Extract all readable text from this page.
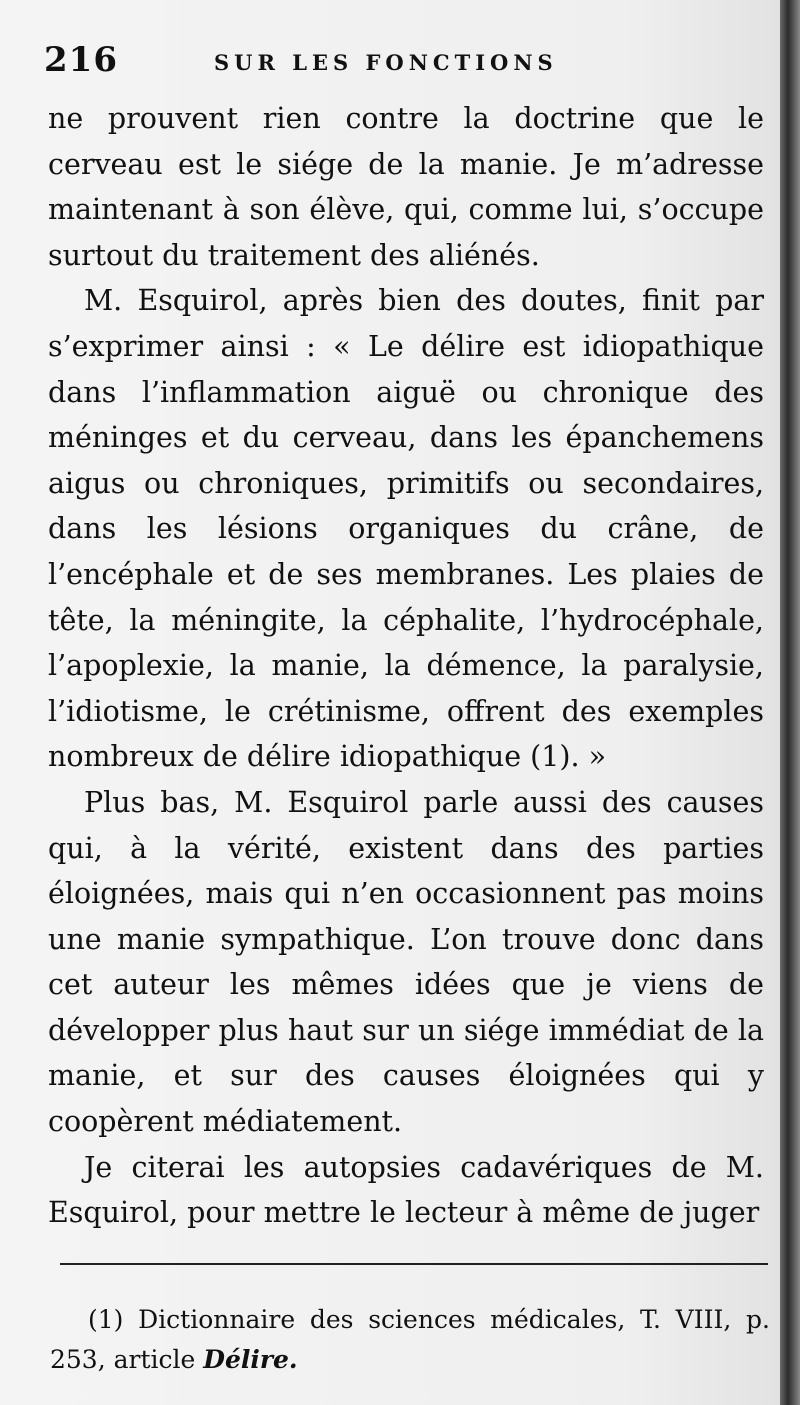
216	SUR LES FONCTIONS

ne prouvent rien contre la doctrine que le cerveau est le siége de la manie. Je m’adresse maintenant à son élève, qui, comme lui, s’occupe surtout du traitement des aliénés.

M. Esquirol, après bien des doutes, finit par s’exprimer ainsi : « Le délire est idiopathique dans l’inflammation aiguë ou chronique des méninges et du cerveau, dans les épanchemens aigus ou chroniques, primitifs ou secondaires, dans les lésions organiques du crâne, de l’encéphale et de ses membranes. Les plaies de tête, la méningite, la céphalite, l’hydrocéphale, l’apoplexie, la manie, la démence, la paralysie, l’idiotisme, le crétinisme, offrent des exemples nombreux de délire idiopathique (1). »

Plus bas, M. Esquirol parle aussi des causes qui, à la vérité, existent dans des parties éloignées, mais qui n’en occasionnent pas moins une manie sympathique. L’on trouve donc dans cet auteur les mêmes idées que je viens de développer plus haut sur un siége immédiat de la manie, et sur des causes éloignées qui y coopèrent médiatement.

Je citerai les autopsies cadavériques de M. Esquirol, pour mettre le lecteur à même de juger

(1) Dictionnaire des sciences médicales, T. VIII, p. 253, article Délire.
